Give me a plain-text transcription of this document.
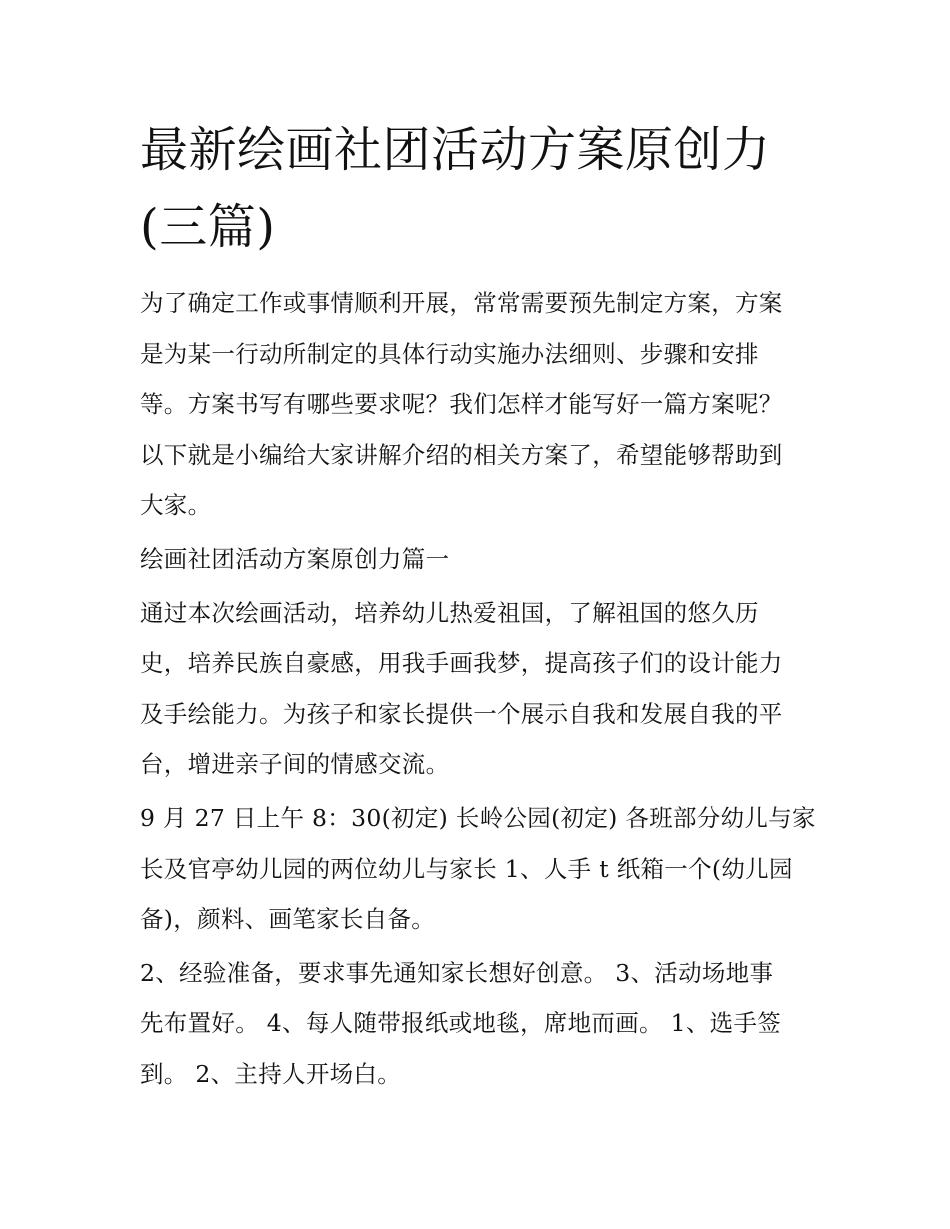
最新绘画社团活动方案原创力
(三篇)

为了确定工作或事情顺利开展，常常需要预先制定方案，方案
是为某一行动所制定的具体行动实施办法细则、步骤和安排
等。方案书写有哪些要求呢？我们怎样才能写好一篇方案呢？
以下就是小编给大家讲解介绍的相关方案了，希望能够帮助到
大家。

绘画社团活动方案原创力篇一

通过本次绘画活动，培养幼儿热爱祖国，了解祖国的悠久历
史，培养民族自豪感，用我手画我梦，提高孩子们的设计能力
及手绘能力。为孩子和家长提供一个展示自我和发展自我的平
台，增进亲子间的情感交流。

9 月 27 日上午 8：30(初定) 长岭公园(初定) 各班部分幼儿与家
长及官亭幼儿园的两位幼儿与家长 1、人手 t 纸箱一个(幼儿园
备)，颜料、画笔家长自备。

2、经验准备，要求事先通知家长想好创意。 3、活动场地事
先布置好。 4、每人随带报纸或地毯，席地而画。 1、选手签
到。 2、主持人开场白。
